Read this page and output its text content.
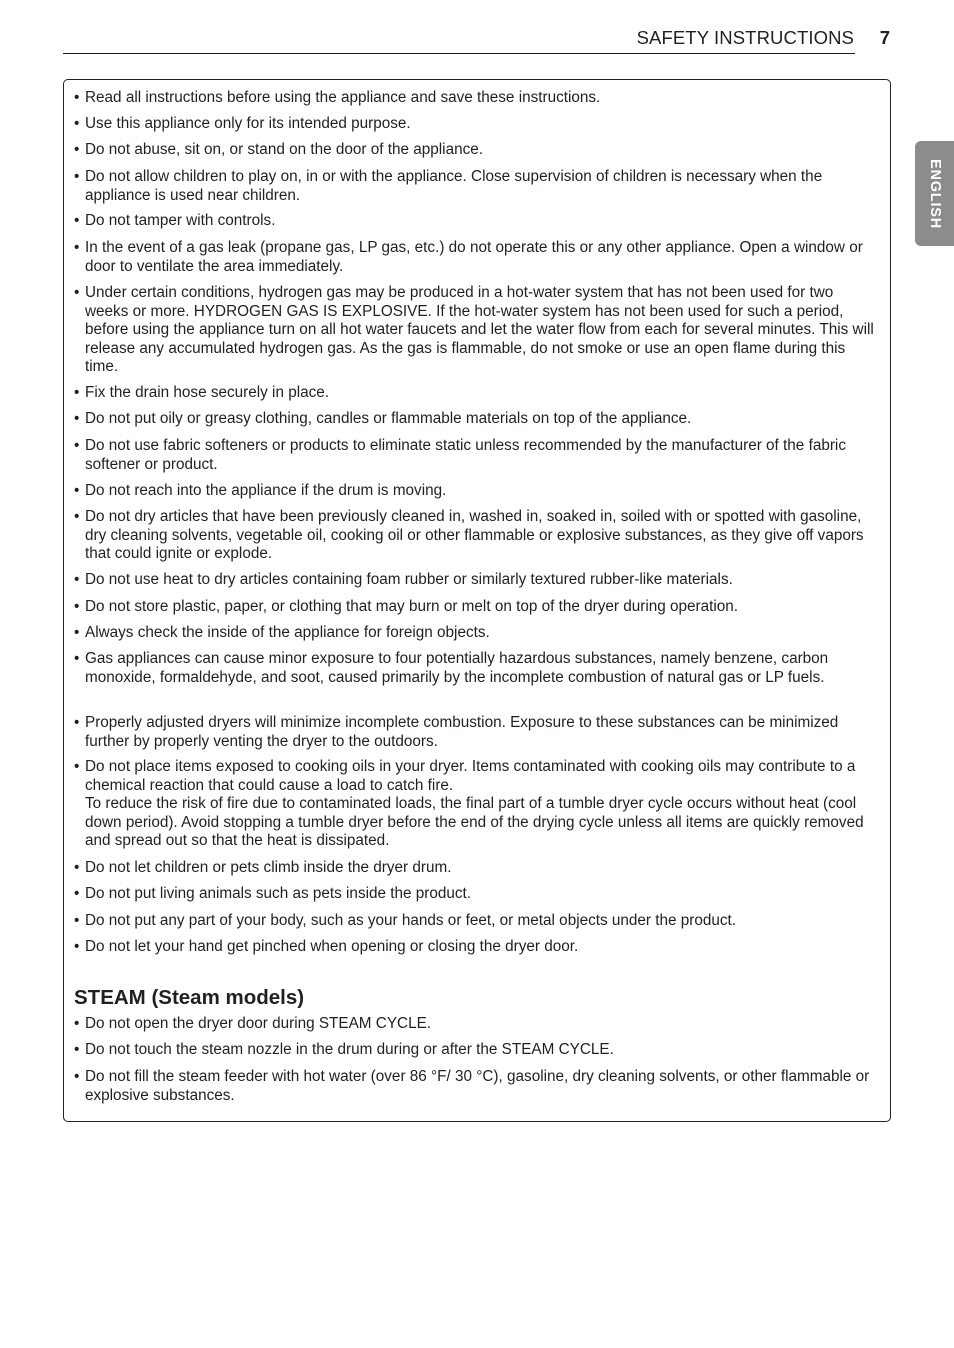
SAFETY INSTRUCTIONS 7
ENGLISH
• Read all instructions before using the appliance and save these instructions.
• Use this appliance only for its intended purpose.
• Do not abuse, sit on, or stand on the door of the appliance.
• Do not allow children to play on, in or with the appliance. Close supervision of children is necessary when the appliance is used near children.
• Do not tamper with controls.
• In the event of a gas leak (propane gas, LP gas, etc.) do not operate this or any other appliance. Open a window or door to ventilate the area immediately.
• Under certain conditions, hydrogen gas may be produced in a hot-water system that has not been used for two weeks or more. HYDROGEN GAS IS EXPLOSIVE. If the hot-water system has not been used for such a period, before using the appliance turn on all hot water faucets and let the water flow from each for several minutes. This will release any accumulated hydrogen gas. As the gas is flammable, do not smoke or use an open flame during this time.
• Fix the drain hose securely in place.
• Do not put oily or greasy clothing, candles or flammable materials on top of the appliance.
• Do not use fabric softeners or products to eliminate static unless recommended by the manufacturer of the fabric softener or product.
• Do not reach into the appliance if the drum is moving.
• Do not dry articles that have been previously cleaned in, washed in, soaked in, soiled with or spotted with gasoline, dry cleaning solvents, vegetable oil, cooking oil or other flammable or explosive substances, as they give off vapors that could ignite or explode.
• Do not use heat to dry articles containing foam rubber or similarly textured rubber-like materials.
• Do not store plastic, paper, or clothing that may burn or melt on top of the dryer during operation.
• Always check the inside of the appliance for foreign objects.
• Gas appliances can cause minor exposure to four potentially hazardous substances, namely benzene, carbon monoxide, formaldehyde, and soot, caused primarily by the incomplete combustion of natural gas or LP fuels.
• Properly adjusted dryers will minimize incomplete combustion. Exposure to these substances can be minimized further by properly venting the dryer to the outdoors.
• Do not place items exposed to cooking oils in your dryer. Items contaminated with cooking oils may contribute to a chemical reaction that could cause a load to catch fire.
To reduce the risk of fire due to contaminated loads, the final part of a tumble dryer cycle occurs without heat (cool down period). Avoid stopping a tumble dryer before the end of the drying cycle unless all items are quickly removed and spread out so that the heat is dissipated.
• Do not let children or pets climb inside the dryer drum.
• Do not put living animals such as pets inside the product.
• Do not put any part of your body, such as your hands or feet, or metal objects under the product.
• Do not let your hand get pinched when opening or closing the dryer door.
STEAM (Steam models)
• Do not open the dryer door during STEAM CYCLE.
• Do not touch the steam nozzle in the drum during or after the STEAM CYCLE.
• Do not fill the steam feeder with hot water (over 86 °F/ 30 °C), gasoline, dry cleaning solvents, or other flammable or explosive substances.
